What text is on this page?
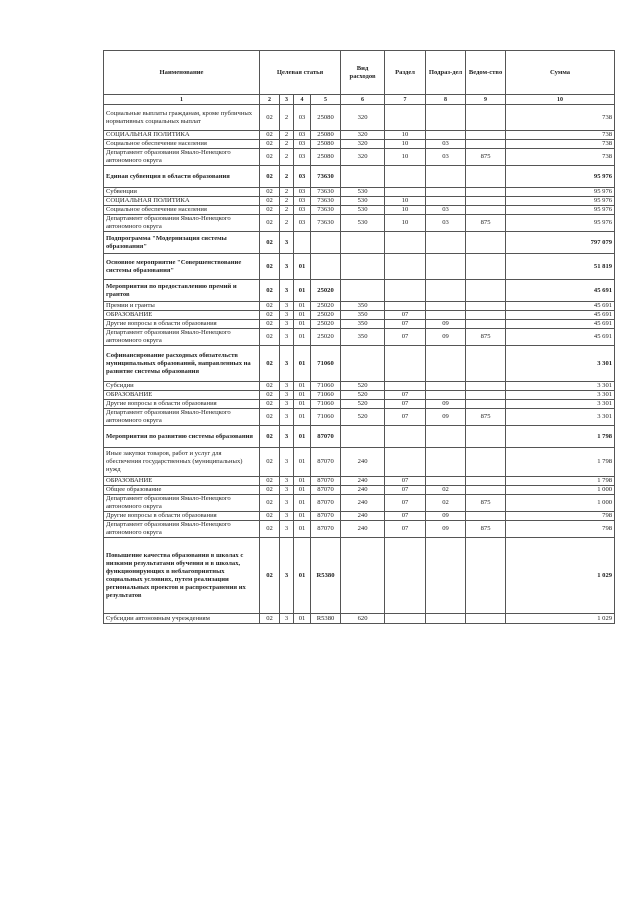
Наименование	Целевая статья				Вид расходов	Раздел	Подраз-дел	Ведом-ство	Сумма
1	2	3	4	5	6	7	8	9	10
Социальные выплаты гражданам, кроме публичных нормативных социальных выплат	02	2	03	25080	320				738
СОЦИАЛЬНАЯ ПОЛИТИКА	02	2	03	25080	320	10			738
Социальное обеспечение населения	02	2	03	25080	320	10	03		738
Департамент образования Ямало-Ненецкого автономного округа	02	2	03	25080	320	10	03	875	738
Единая субвенция в области образования	02	2	03	73630					95 976
Субвенции	02	2	03	73630	530				95 976
СОЦИАЛЬНАЯ ПОЛИТИКА	02	2	03	73630	530	10			95 976
Социальное обеспечение населения	02	2	03	73630	530	10	03		95 976
Департамент образования Ямало-Ненецкого автономного округа	02	2	03	73630	530	10	03	875	95 976
Подпрограмма "Модернизация системы образования"	02	3							797 079
Основное мероприятие "Совершенствование системы образования"	02	3	01						51 819
Мероприятия по предоставлению премий и грантов	02	3	01	25020					45 691
Премии и гранты	02	3	01	25020	350				45 691
ОБРАЗОВАНИЕ	02	3	01	25020	350	07			45 691
Другие вопросы в области образования	02	3	01	25020	350	07	09		45 691
Департамент образования Ямало-Ненецкого автономного округа	02	3	01	25020	350	07	09	875	45 691
Софинансирование расходных обязательств муниципальных образований, направленных на развитие системы образования	02	3	01	71060					3 301
Субсидии	02	3	01	71060	520				3 301
ОБРАЗОВАНИЕ	02	3	01	71060	520	07			3 301
Другие вопросы в области образования	02	3	01	71060	520	07	09		3 301
Департамент образования Ямало-Ненецкого автономного округа	02	3	01	71060	520	07	09	875	3 301
Мероприятия по развитию системы образования	02	3	01	87070					1 798
Иные закупки товаров, работ и услуг для обеспечения государственных (муниципальных) нужд	02	3	01	87070	240				1 798
ОБРАЗОВАНИЕ	02	3	01	87070	240	07			1 798
Общее образование	02	3	01	87070	240	07	02		1 000
Департамент образования Ямало-Ненецкого автономного округа	02	3	01	87070	240	07	02	875	1 000
Другие вопросы в области образования	02	3	01	87070	240	07	09		798
Департамент образования Ямало-Ненецкого автономного округа	02	3	01	87070	240	07	09	875	798
Повышение качества образования в школах с низкими результатами обучения и в школах, функционирующих в неблагоприятных социальных условиях, путем реализации региональных проектов и распространения их результатов	02	3	01	R5380					1 029
Субсидии автономным учреждениям	02	3	01	R5380	620				1 029
